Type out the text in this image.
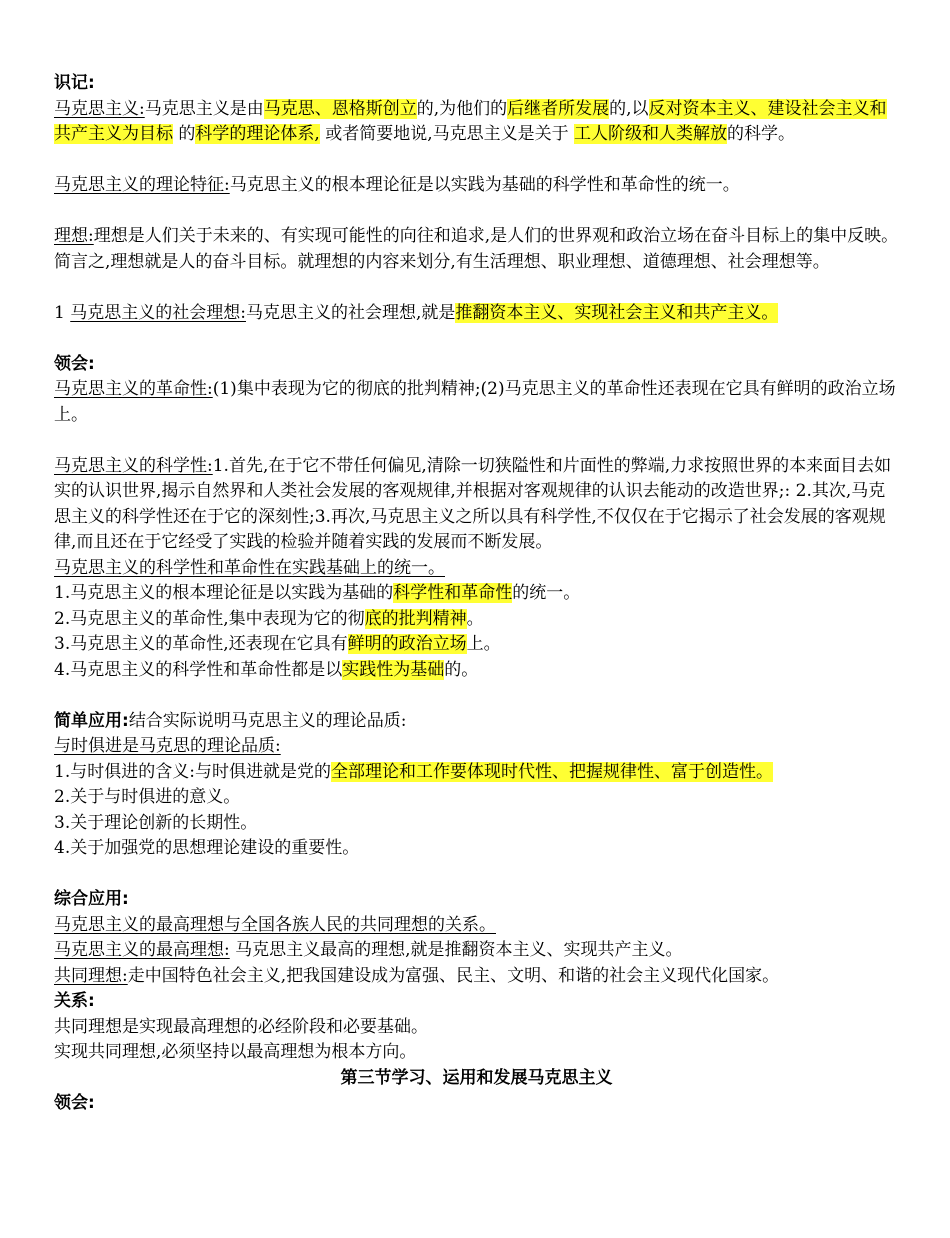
识记:
马克思主义:马克思主义是由马克思、恩格斯创立的,为他们的后继者所发展的,以反对资本主义、建设社会主义和共产主义为目标 的科学的理论体系, 或者简要地说,马克思主义是关于 工人阶级和人类解放的科学。
马克思主义的理论特征:马克思主义的根本理论征是以实践为基础的科学性和革命性的统一。
理想:理想是人们关于未来的、有实现可能性的向往和追求,是人们的世界观和政治立场在奋斗目标上的集中反映。简言之,理想就是人的奋斗目标。就理想的内容来划分,有生活理想、职业理想、道德理想、社会理想等。
1 马克思主义的社会理想:马克思主义的社会理想,就是推翻资本主义、实现社会主义和共产主义。
领会:
马克思主义的革命性:(1)集中表现为它的彻底的批判精神;(2)马克思主义的革命性还表现在它具有鲜明的政治立场上。
马克思主义的科学性:1.首先,在于它不带任何偏见,清除一切狭隘性和片面性的弊端,力求按照世界的本来面目去如实的认识世界,揭示自然界和人类社会发展的客观规律,并根据对客观规律的认识去能动的改造世界;: 2.其次,马克思主义的科学性还在于它的深刻性;3.再次,马克思主义之所以具有科学性,不仅仅在于它揭示了社会发展的客观规律,而且还在于它经受了实践的检验并随着实践的发展而不断发展。
马克思主义的科学性和革命性在实践基础上的统一。
1.马克思主义的根本理论征是以实践为基础的科学性和革命性的统一。
2.马克思主义的革命性,集中表现为它的彻底的批判精神。
3.马克思主义的革命性,还表现在它具有鲜明的政治立场上。
4.马克思主义的科学性和革命性都是以实践性为基础的。
简单应用:结合实际说明马克思主义的理论品质:
与时俱进是马克思的理论品质:
1.与时俱进的含义:与时俱进就是党的全部理论和工作要体现时代性、把握规律性、富于创造性。
2.关于与时俱进的意义。
3.关于理论创新的长期性。
4.关于加强党的思想理论建设的重要性。
综合应用:
马克思主义的最高理想与全国各族人民的共同理想的关系。
马克思主义的最高理想: 马克思主义最高的理想,就是推翻资本主义、实现共产主义。
共同理想:走中国特色社会主义,把我国建设成为富强、民主、文明、和谐的社会主义现代化国家。
关系:
共同理想是实现最高理想的必经阶段和必要基础。
实现共同理想,必须坚持以最高理想为根本方向。
第三节学习、运用和发展马克思主义
领会:
